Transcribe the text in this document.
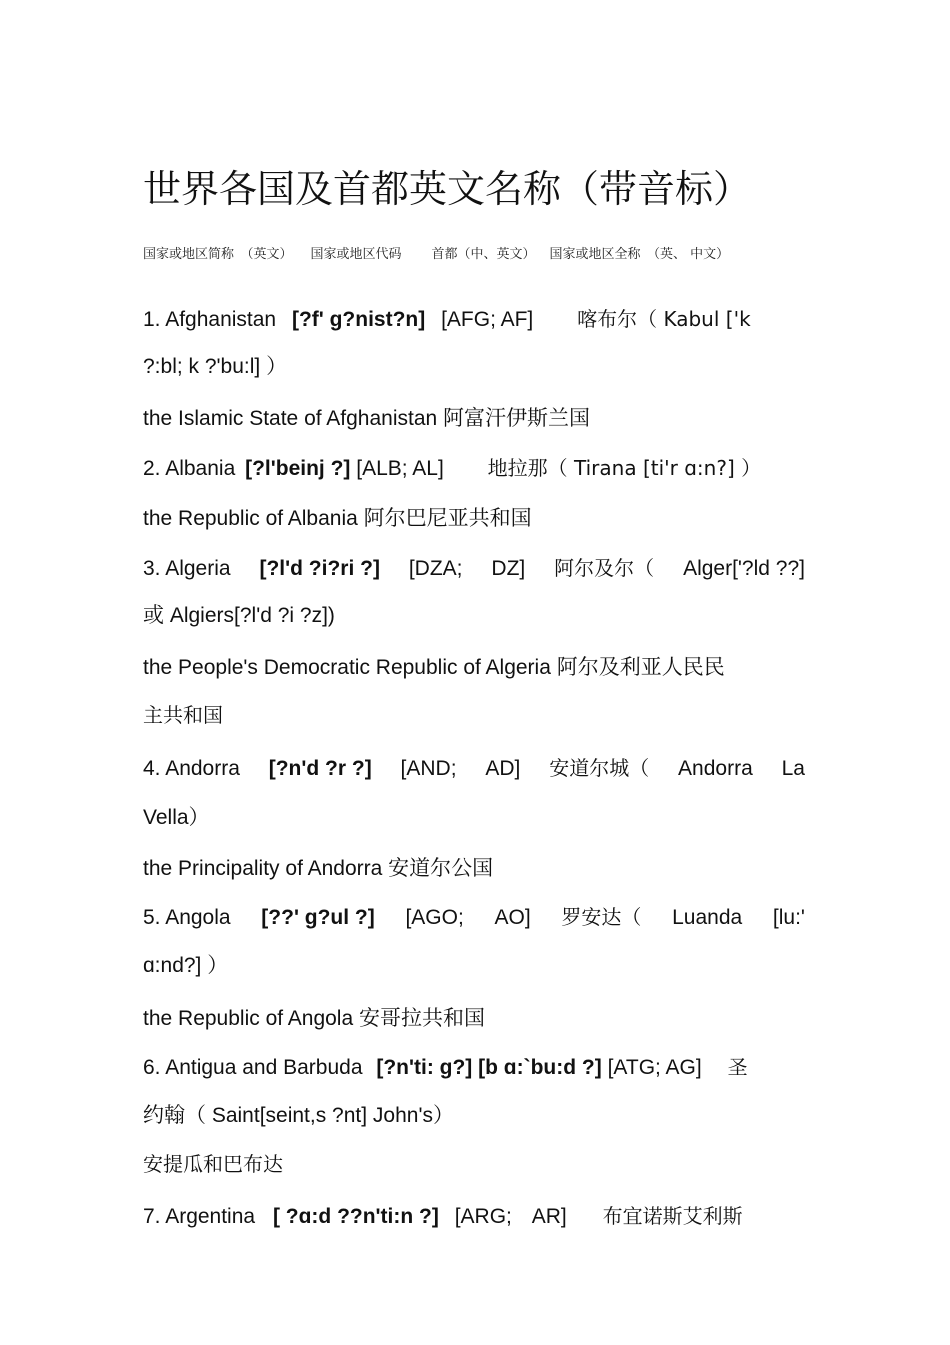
世界各国及首都英文名称（带音标）
国家或地区简称　（英文） 国家或地区代码 首都（中、英文） 国家或地区全称　（英、 中文）
1. Afghanistan [?f' ɡ?nist?n] [AFG; AF] 喀布尔（ Kabul ['k
?:bl; k ?'bu:l] ）
the Islamic State of Afghanistan 阿富汗伊斯兰国
2. Albania [?l'beinj ?] [ALB; AL] 地拉那（ Tirana [ti'r ɑ:n?] ）
the Republic of Albania 阿尔巴尼亚共和国
3. Algeria [?l'd ?i?ri ?] [DZA; DZ] 阿尔及尔（ Alger['?ld ??]
或 Algiers[?l'd ?i ?z])
the People's Democratic Republic of Algeria 阿尔及利亚人民民
主共和国
4. Andorra [?n'd ?r ?] [AND; AD] 安道尔城（ Andorra La
Vella）
the Principality of Andorra 安道尔公国
5. Angola [??' ɡ?ul ?] [AGO; AO] 罗安达（ Luanda [lu:'
ɑ:nd?] ）
the Republic of Angola 安哥拉共和国
6. Antigua and Barbuda [?n'ti: ɡ?] [b ɑ:`bu:d ?] [ATG; AG] 圣
约翰（ Saint[seint,s ?nt] John's）
安提瓜和巴布达
7. Argentina [ ?ɑ:d ??n'ti:n ?] [ARG; AR] 布宜诺斯艾利斯
